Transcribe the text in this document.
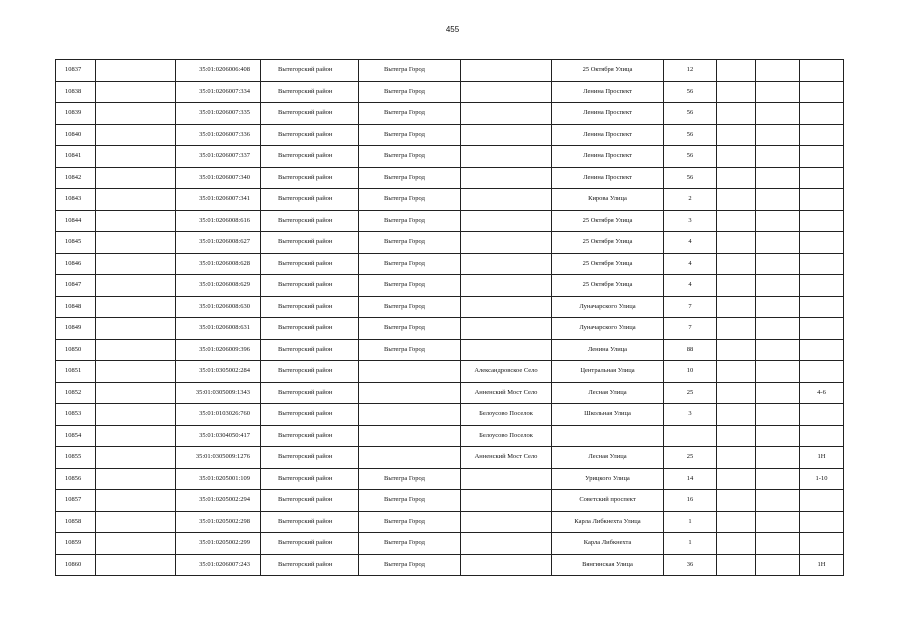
455
10837		35:01:0206006:408	Вытегорский район	Вытегра Город		25 Октября Улица	12			
10838		35:01:0206007:334	Вытегорский район	Вытегра Город		Ленина Проспект	56			
10839		35:01:0206007:335	Вытегорский район	Вытегра Город		Ленина Проспект	56			
10840		35:01:0206007:336	Вытегорский район	Вытегра Город		Ленина Проспект	56			
10841		35:01:0206007:337	Вытегорский район	Вытегра Город		Ленина Проспект	56			
10842		35:01:0206007:340	Вытегорский район	Вытегра Город		Ленина Проспект	56			
10843		35:01:0206007:341	Вытегорский район	Вытегра Город		Кирова Улица	2			
10844		35:01:0206008:616	Вытегорский район	Вытегра Город		25 Октября Улица	3			
10845		35:01:0206008:627	Вытегорский район	Вытегра Город		25 Октября Улица	4			
10846		35:01:0206008:628	Вытегорский район	Вытегра Город		25 Октября Улица	4			
10847		35:01:0206008:629	Вытегорский район	Вытегра Город		25 Октября Улица	4			
10848		35:01:0206008:630	Вытегорский район	Вытегра Город		Луначарского Улица	7			
10849		35:01:0206008:631	Вытегорский район	Вытегра Город		Луначарского Улица	7			
10850		35:01:0206009:396	Вытегорский район	Вытегра Город		Ленина Улица	88			
10851		35:01:0305002:284	Вытегорский район		Александровское Село	Центральная Улица	10			
10852		35:01:0305009:1343	Вытегорский район		Анненский Мост Село	Лесная Улица	25			4-6
10853		35:01:0103026:760	Вытегорский район		Белоусово Поселок	Школьная Улица	3			
10854		35:01:0304050:417	Вытегорский район		Белоусово Поселок					
10855		35:01:0305009:1276	Вытегорский район		Анненский Мост Село	Лесная Улица	25			1Н
10856		35:01:0205001:109	Вытегорский район	Вытегра Город		Урицкого Улица	14			1-10
10857		35:01:0205002:294	Вытегорский район	Вытегра Город		Советский проспект	16			
10858		35:01:0205002:298	Вытегорский район	Вытегра Город		Карла Либкнехта Улица	1			
10859		35:01:0205002:299	Вытегорский район	Вытегра Город		Карла Либкнехта	1			
10860		35:01:0206007:243	Вытегорский район	Вытегра Город		Вянгинская Улица	36			1Н
